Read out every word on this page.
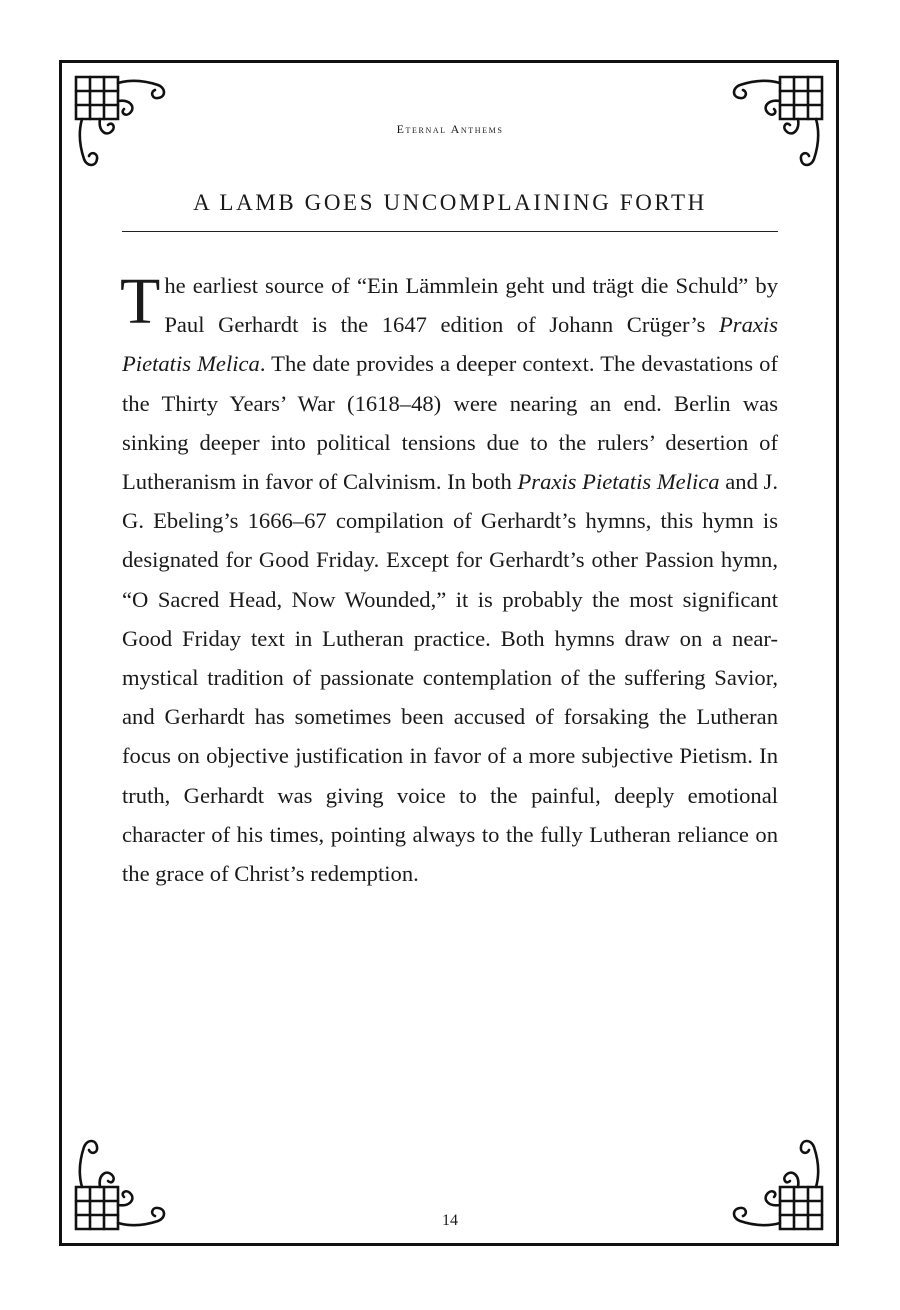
Eternal Anthems

A LAMB GOES UNCOMPLAINING FORTH

The earliest source of “Ein Lämmlein geht und trägt die Schuld” by Paul Gerhardt is the 1647 edition of Johann Crüger’s Praxis Pietatis Melica. The date provides a deeper context. The devastations of the Thirty Years’ War (1618–48) were nearing an end. Berlin was sinking deeper into political tensions due to the rulers’ desertion of Lutheranism in favor of Calvinism. In both Praxis Pietatis Melica and J. G. Ebeling’s 1666–67 compilation of Gerhardt’s hymns, this hymn is designated for Good Friday. Except for Gerhardt’s other Passion hymn, “O Sacred Head, Now Wounded,” it is probably the most significant Good Friday text in Lutheran practice. Both hymns draw on a near-mystical tradition of passionate contemplation of the suffering Savior, and Gerhardt has sometimes been accused of forsaking the Lutheran focus on objective justification in favor of a more subjective Pietism. In truth, Gerhardt was giving voice to the painful, deeply emotional character of his times, pointing always to the fully Lutheran reliance on the grace of Christ’s redemption.

14
